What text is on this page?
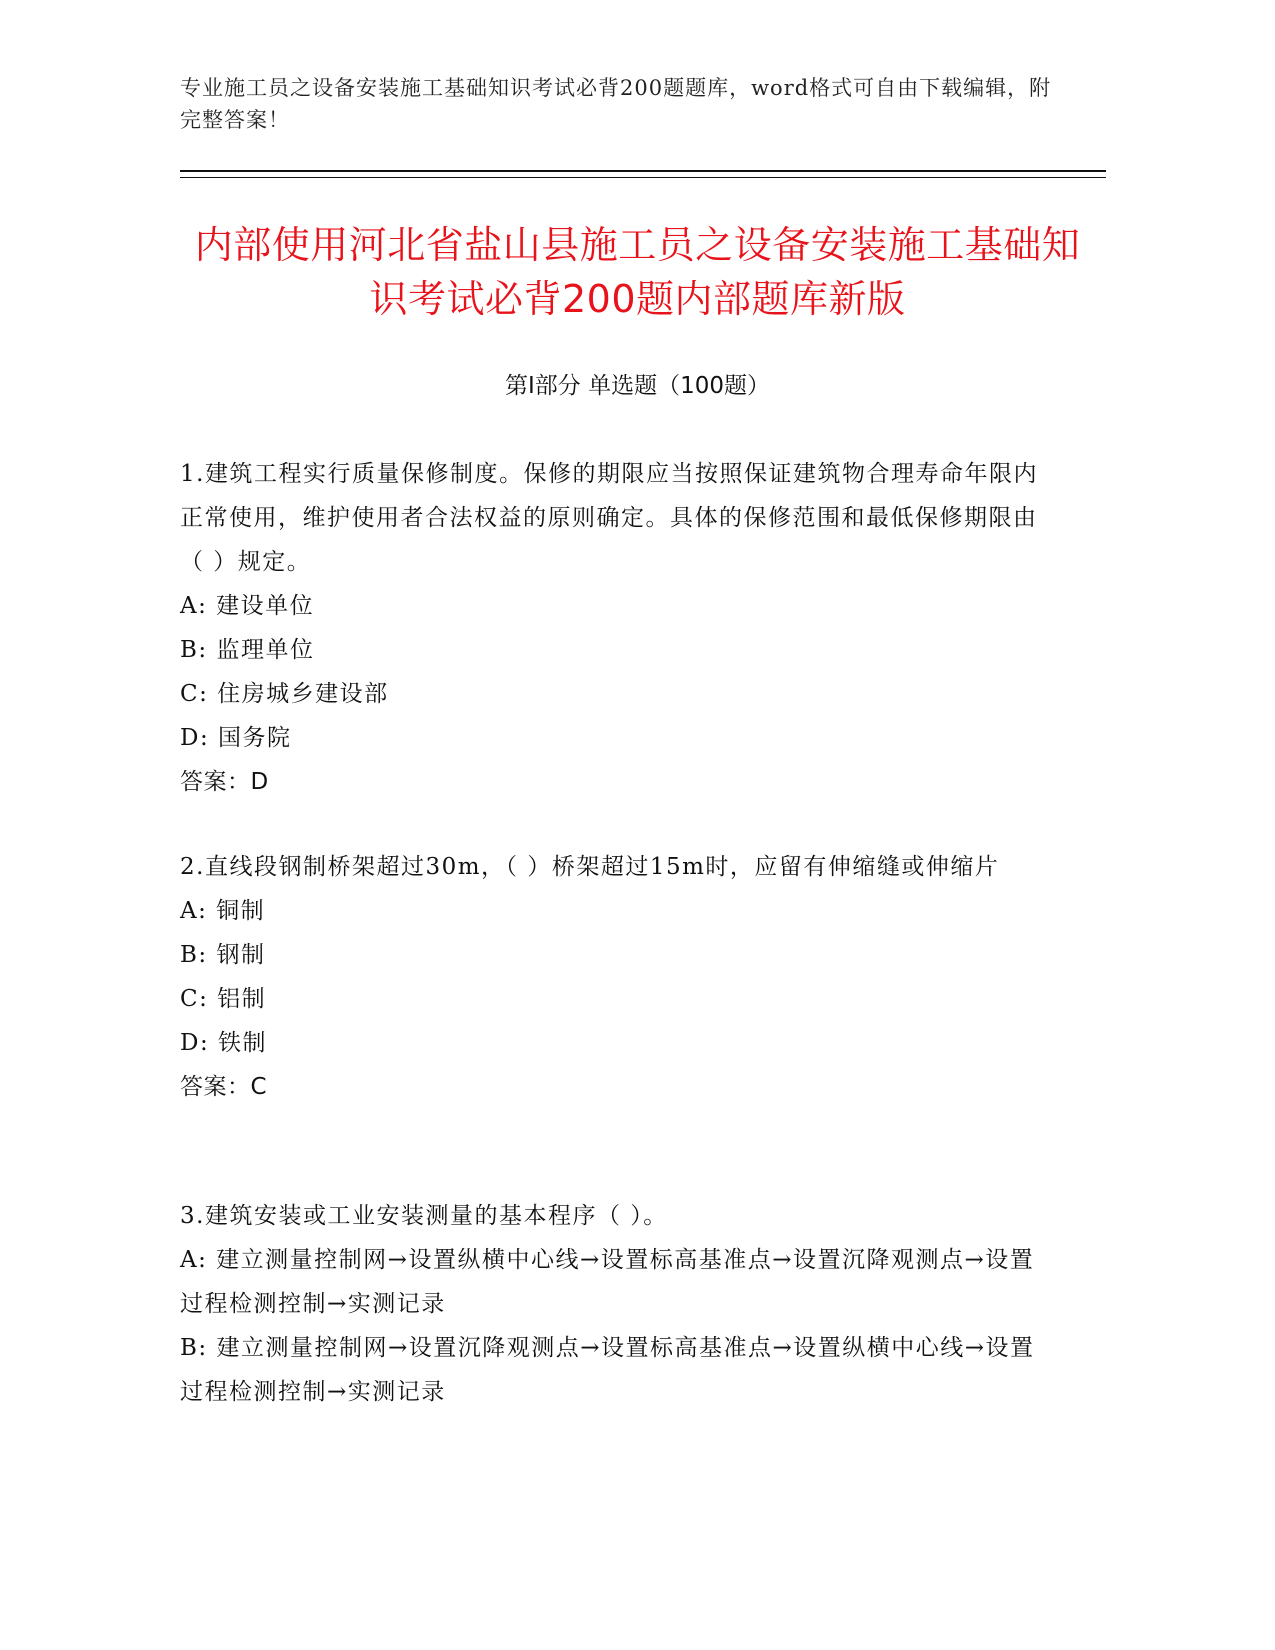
专业施工员之设备安装施工基础知识考试必背200题题库，word格式可自由下载编辑，附完整答案！
内部使用河北省盐山县施工员之设备安装施工基础知识考试必背200题内部题库新版
第Ⅰ部分 单选题（100题）
1.建筑工程实行质量保修制度。保修的期限应当按照保证建筑物合理寿命年限内正常使用，维护使用者合法权益的原则确定。具体的保修范围和最低保修期限由（ ）规定。
A: 建设单位
B: 监理单位
C: 住房城乡建设部
D: 国务院
答案：D
2.直线段钢制桥架超过30m，（ ）桥架超过15m时，应留有伸缩缝或伸缩片
A: 铜制
B: 钢制
C: 铝制
D: 铁制
答案：C
3.建筑安装或工业安装测量的基本程序（ ）。
A: 建立测量控制网→设置纵横中心线→设置标高基准点→设置沉降观测点→设置过程检测控制→实测记录
B: 建立测量控制网→设置沉降观测点→设置标高基准点→设置纵横中心线→设置过程检测控制→实测记录
